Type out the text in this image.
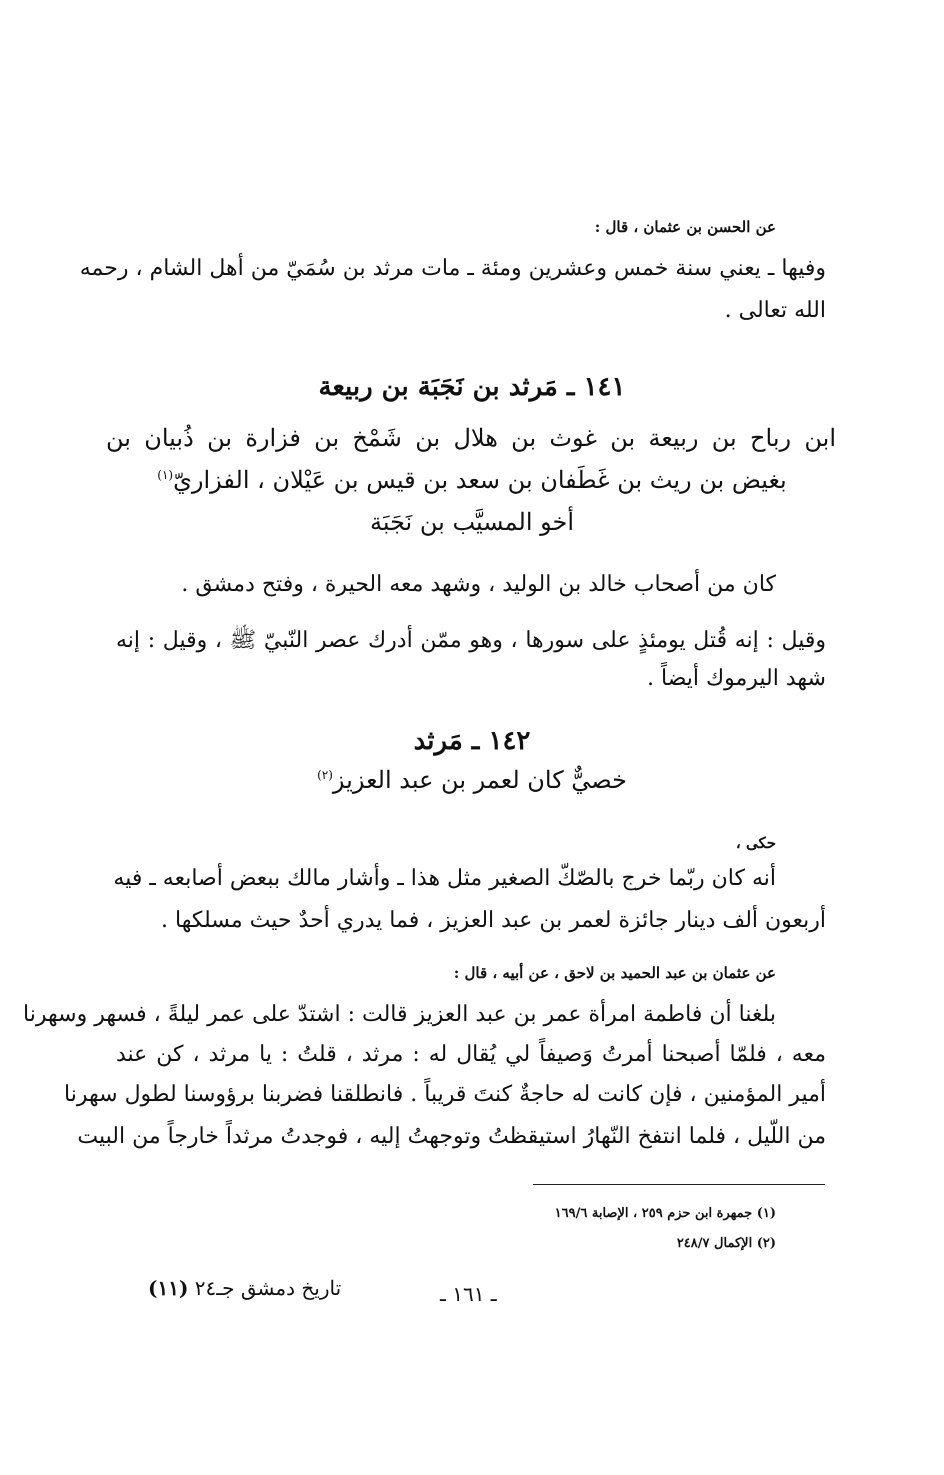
عن الحسن بن عثمان ، قال :
وفيها ـ يعني سنة خمس وعشرين ومئة ـ مات مرثد بن سُمَيّ من أهل الشام ، رحمه
الله تعالى .
١٤١ ـ مَرثد بن نَجَبَة بن ربيعة
ابن رباح بن ربيعة بن غوث بن هلال بن شَمْخ بن فزارة بن ذُبيان بن
بغيض بن ريث بن غَطَفان بن سعد بن قيس بن عَيْلان ، الفزاريّ$^{(١)}$
أخو المسيَّب بن نَجَبَة
كان من أصحاب خالد بن الوليد ، وشهد معه الحيرة ، وفتح دمشق .
وقيل : إنه قُتل يومئذٍ على سورها ، وهو ممّن أدرك عصر النّبيّ ﷺ ، وقيل : إنه
شهد اليرموك أيضاً .
١٤٢ ـ مَرثد
خصيٌّ كان لعمر بن عبد العزيز$^{(٢)}$
حكى ،
أنه كان ربّما خرج بالصّكّ الصغير مثل هذا ـ وأشار مالك ببعض أصابعه ـ فيه
أربعون ألف دينار جائزة لعمر بن عبد العزيز ، فما يدري أحدٌ حيث مسلكها .
عن عثمان بن عبد الحميد بن لاحق ، عن أبيه ، قال :
بلغنا أن فاطمة امرأة عمر بن عبد العزيز قالت : اشتدّ على عمر ليلةً ، فسهر وسهرنا
معه ، فلمّا أصبحنا أمرتُ وَصيفاً لي يُقال له : مرثد ، قلتُ : يا مرثد ، كن عند
أمير المؤمنين ، فإن كانت له حاجةٌ كنتَ قريباً . فانطلقنا فضربنا برؤوسنا لطول سهرنا
من اللّيل ، فلما انتفخ النّهارُ استيقظتُ وتوجهتُ إليه ، فوجدتُ مرثداً خارجاً من البيت
(١) جمهرة ابن حزم ٢٥٩ ، الإصابة ١٦٩/٦
(٢) الإكمال ٢٤٨/٧
ـ ١٦١ ـ
تاريخ دمشق جـ٢٤ (١١)
